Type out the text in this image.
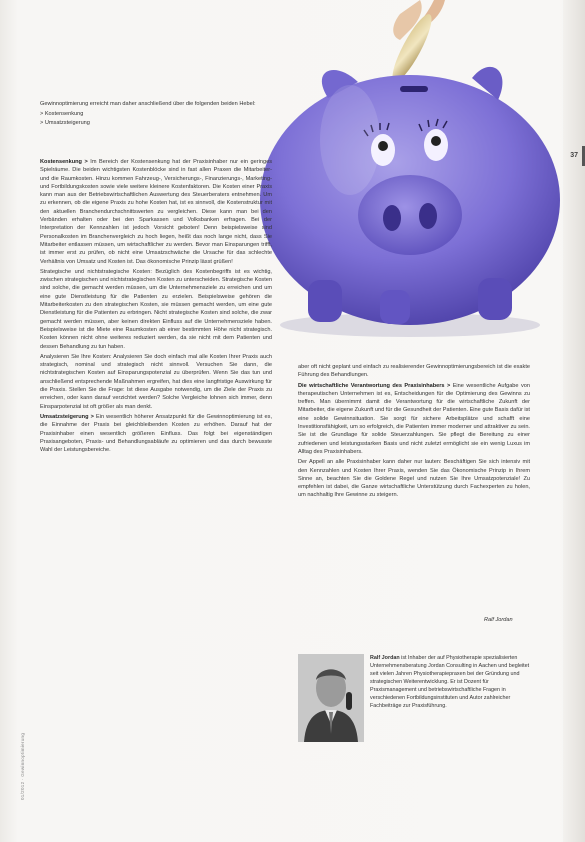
37
01/2012 · Gewinnoptimierung

Gewinnoptimierung erreicht man daher anschließend über die folgenden beiden Hebel:

> Kostensenkung
> Umsatzsteigerung

Kostensenkung > Im Bereich der Kostensenkung hat der Praxisinhaber nur ein geringes Spielräume. Die beiden wichtigsten Kostenblöcke sind in fast allen Praxen die Mitarbeiter- und die Raumkosten. Hinzu kommen Fahrzeug-, Versicherungs-, Finanzierungs-, Marketing- und Fortbildungskosten sowie viele weitere kleinere Kostenfaktoren. Die Kosten einer Praxis kann man aus der Betriebswirtschaftlichen Auswertung des Steuerberaters entnehmen. Um zu erkennen, ob die eigene Praxis zu hohe Kosten hat, ist es sinnvoll, die Kostenstruktur mit den aktuellen Branchendurchschnittswerten zu vergleichen. Diese kann man bei den Verbänden erhalten oder bei den Sparkassen und Volksbanken erfragen. Bei der Interpretation der Kennzahlen ist jedoch Vorsicht geboten! Denn beispielsweise sind Personalkosten im Branchenvergleich zu hoch liegen, heißt das noch lange nicht, dass Sie Mitarbeiter entlassen müssen, um wirtschaftlicher zu werden. Bevor man Einsparungen trifft, ist immer erst zu prüfen, ob nicht eine Umsatzschwäche die Ursache für das schlechte Verhältnis von Umsatz und Kosten ist. Das ökonomische Prinzip lässt grüßen!

Strategische und nichtstrategische Kosten: Bezüglich des Kostenbegriffs ist es wichtig, zwischen strategischen und nichtstrategischen Kosten zu unterscheiden. Strategische Kosten sind solche, die gemacht werden müssen, um die Unternehmensziele zu erreichen und um eine gute Dienstleistung für die Patienten zu erzielen. Beispielsweise gehören die Mitarbeiterkosten zu den strategischen Kosten, sie müssen gemacht werden, um eine gute Dienstleistung für die Patienten zu erbringen. Nicht strategische Kosten sind solche, die zwar gemacht werden müssen, aber keinen direkten Einfluss auf die Unternehmensziele haben. Beispielsweise ist die Miete eine Raumkosten ab einer bestimmten Höhe nicht strategisch. Kosten können nicht ohne weiteres reduziert werden, da sie nicht mit dem Patienten und dessen Behandlung zu tun haben.

Analysieren Sie Ihre Kosten: Analysieren Sie doch einfach mal alle Kosten Ihrer Praxis auch strategisch, nominal und strategisch nicht sinnvoll. Versuchen Sie dann, die nichtstrategischen Kosten auf Einsparungspotenzial zu überprüfen. Wenn Sie das tun und anschließend entsprechende Maßnahmen ergreifen, hat dies eine langfristige Auswirkung für die Praxis. Stellen Sie die Frage: Ist diese Ausgabe notwendig, um die Ziele der Praxis zu erreichen, oder kann darauf verzichtet werden? Solche Vergleiche lohnen sich immer, denn Einsparpotenzial ist oft größer als man denkt.

Umsatzsteigerung > Ein wesentlich höherer Ansatzpunkt für die Gewinnoptimierung ist es, die Einnahme der Praxis bei gleichbleibenden Kosten zu erhöhen. Darauf hat der Praxisinhaber einen wesentlich größeren Einfluss. Das folgt bei eigenständigen Praxisangeboten, Praxis- und Behandlungsabläufe zu optimieren und das durch bewusste Wahl der Leistungsbereiche.

aber oft nicht geplant und einfach zu realisierender Gewinnoptimierungsbereich ist die exakte Führung des Behandlungen.

Die wirtschaftliche Verantwortung des Praxisinhabers > Eine wesentliche Aufgabe von therapeutischen Unternehmen ist es, Entscheidungen für die Optimierung des Gewinns zu treffen. Man übernimmt damit die Verantwortung für die wirtschaftliche Zukunft der Mitarbeiter, die eigene Zukunft und für die Gesundheit der Patienten. Eine gute Basis dafür ist eine solide Gewinnsituation. Sie sorgt für sichere Arbeitsplätze und schafft eine Investitionsfähigkeit, um so erfolgreich, die Patienten immer moderner und attraktiver zu sein. Sie ist die Grundlage für solide Steuerzahlungen. Sie pflegt die Bereitung zu einer zufriedenen und leistungsstarken Basis und nicht zuletzt ermöglicht sie ein wenig Luxus im Alltag des Praxisinhabers.

Der Appell an alle Praxisinhaber kann daher nur lauten: Beschäftigen Sie sich intensiv mit den Kennzahlen und Kosten Ihrer Praxis, wenden Sie das Ökonomische Prinzip in Ihrem Sinne an, beachten Sie die Goldene Regel und nutzen Sie Ihre Umsatzpotenziale! Zu empfehlen ist dabei, die Ganze wirtschaftliche Unterstützung durch Fachexperten zu holen, um nachhaltig Ihre Gewinne zu steigern.

Ralf Jordan
Ralf Jordan ist Inhaber der auf Physiotherapie spezialisierten Unternehmensberatung Jordan Consulting in Aachen und begleitet seit vielen Jahren Physiotherapiepraxen bei der Gründung und strategischen Weiterentwicklung. Er ist Dozent für Praxismanagement und betriebswirtschaftliche Fragen in verschiedenen Fortbildungsinstituten und Autor zahlreicher Fachbeiträge zur Praxisführung.
